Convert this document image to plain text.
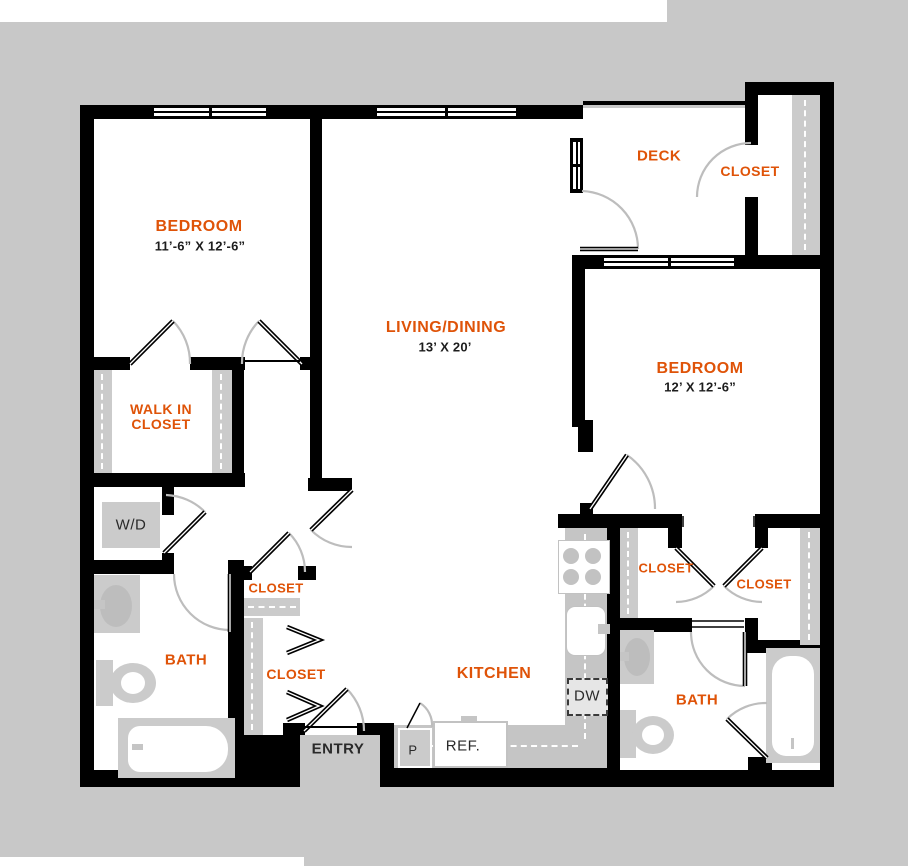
BEDROOM
11’-6” X 12’-6”
LIVING/DINING
13’ X 20’
DECK
CLOSET
BEDROOM
12’ X 12’-6”
WALK IN
CLOSET
W/D
BATH
CLOSET
CLOSET
ENTRY
KITCHEN
DW
P REF.
CLOSET
CLOSET
BATH
